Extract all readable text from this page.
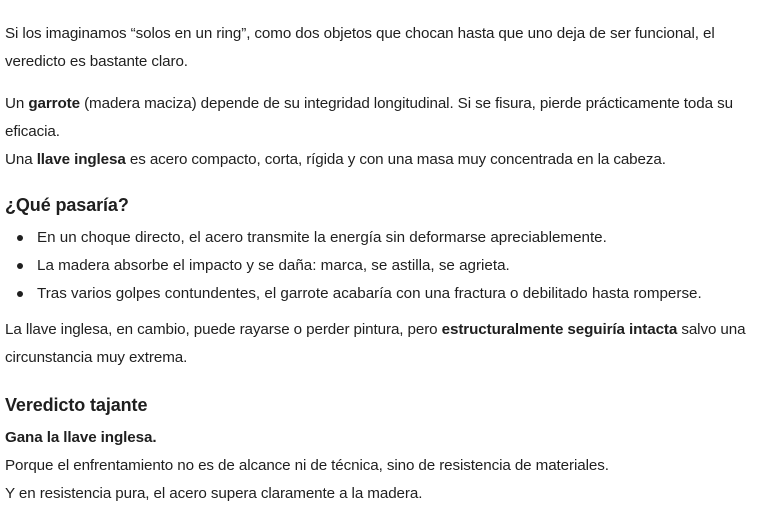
Si los imaginamos “solos en un ring”, como dos objetos que chocan hasta que uno deja de ser funcional, el veredicto es bastante claro.

Un garrote (madera maciza) depende de su integridad longitudinal. Si se fisura, pierde prácticamente toda su eficacia.

Una llave inglesa es acero compacto, corta, rígida y con una masa muy concentrada en la cabeza.

¿Qué pasaría?
En un choque directo, el acero transmite la energía sin deformarse apreciablemente.
La madera absorbe el impacto y se daña: marca, se astilla, se agrieta.
Tras varios golpes contundentes, el garrote acabaría con una fractura o debilitado hasta romperse.

La llave inglesa, en cambio, puede rayarse o perder pintura, pero estructuralmente seguiría intacta salvo una circunstancia muy extrema.

Veredicto tajante

Gana la llave inglesa.

Porque el enfrentamiento no es de alcance ni de técnica, sino de resistencia de materiales.

Y en resistencia pura, el acero supera claramente a la madera.
